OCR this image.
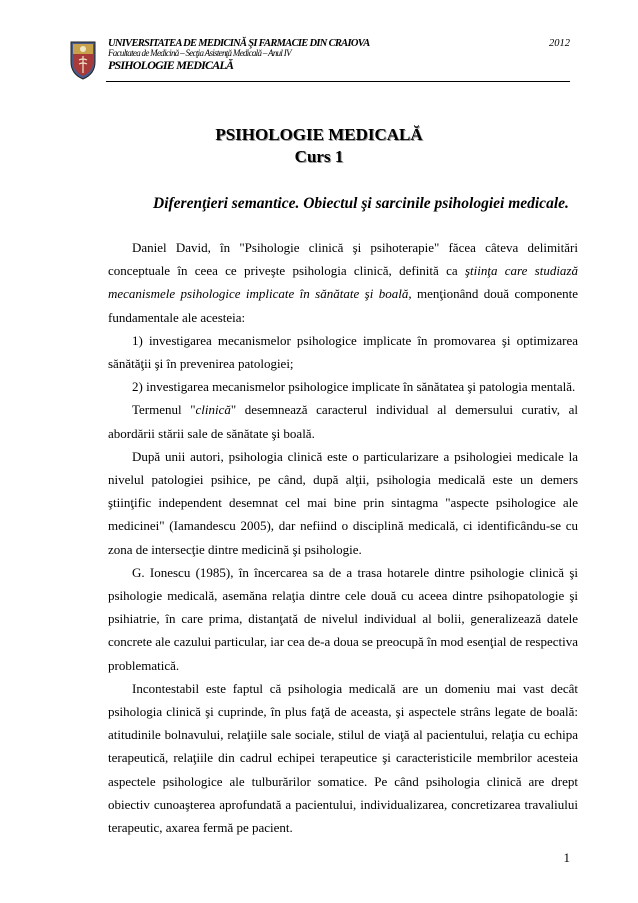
UNIVERSITATEA DE MEDICINĂ ŞI FARMACIE DIN CRAIOVA
Facultatea de Medicină – Secţia Asistenţă Medicală – Anul IV
PSIHOLOGIE MEDICALĂ
2012
PSIHOLOGIE MEDICALĂ
Curs 1
Diferenţieri semantice. Obiectul şi sarcinile psihologiei medicale.

Daniel David, în "Psihologie clinică şi psihoterapie" făcea câteva delimitări conceptuale în ceea ce priveşte psihologia clinică, definită ca ştiinţa care studiază mecanismele psihologice implicate în sănătate şi boală, menţionând două componente fundamentale ale acesteia:

1) investigarea mecanismelor psihologice implicate în promovarea şi optimizarea sănătăţii şi în prevenirea patologiei;

2) investigarea mecanismelor psihologice implicate în sănătatea şi patologia mentală.

Termenul "clinică" desemnează caracterul individual al demersului curativ, al abordării stării sale de sănătate şi boală.

După unii autori, psihologia clinică este o particularizare a psihologiei medicale la nivelul patologiei psihice, pe când, după alţii, psihologia medicală este un demers ştiinţific independent desemnat cel mai bine prin sintagma "aspecte psihologice ale medicinei" (Iamandescu 2005), dar nefiind o disciplină medicală, ci identificându-se cu zona de intersecţie dintre medicină şi psihologie.

G. Ionescu (1985), în încercarea sa de a trasa hotarele dintre psihologie clinică şi psihologie medicală, asemăna relaţia dintre cele două cu aceea dintre psihopatologie şi psihiatrie, în care prima, distanţată de nivelul individual al bolii, generalizează datele concrete ale cazului particular, iar cea de-a doua se preocupă în mod esenţial de respectiva problematică.

Incontestabil este faptul că psihologia medicală are un domeniu mai vast decât psihologia clinică şi cuprinde, în plus faţă de aceasta, şi aspectele strâns legate de boală: atitudinile bolnavului, relaţiile sale sociale, stilul de viaţă al pacientului, relaţia cu echipa terapeutică, relaţiile din cadrul echipei terapeutice şi caracteristicile membrilor acesteia aspectele psihologice ale tulburărilor somatice. Pe când psihologia clinică are drept obiectiv cunoaşterea aprofundată a pacientului, individualizarea, concretizarea travaliului terapeutic, axarea fermă pe pacient.

1
